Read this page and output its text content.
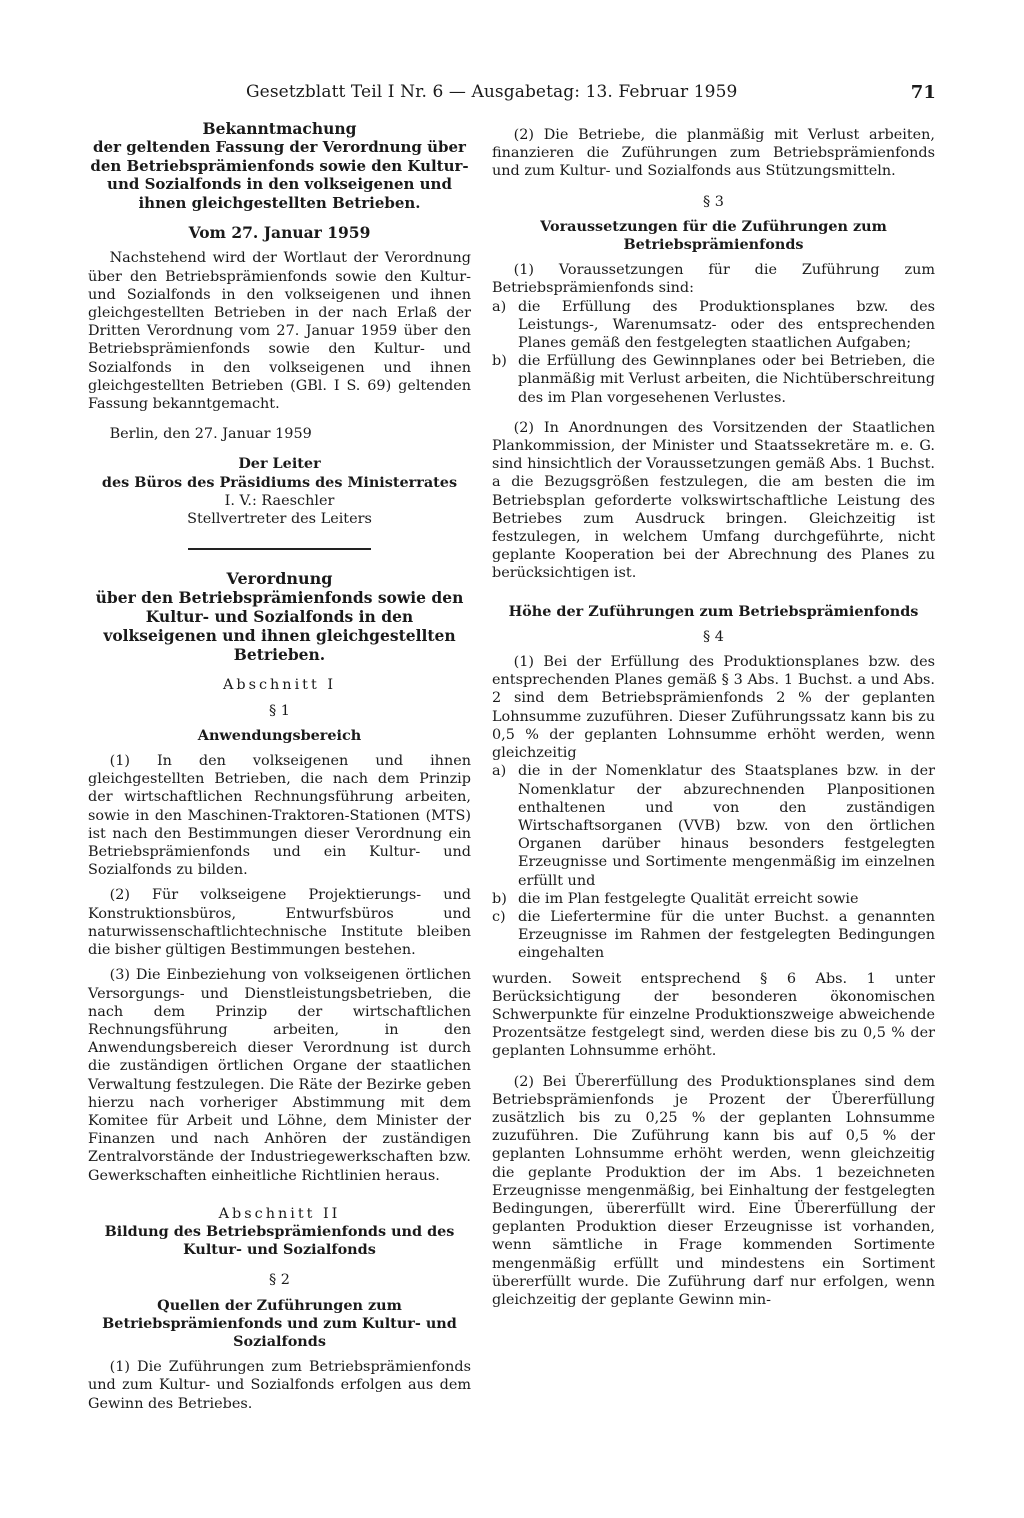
Gesetzblatt Teil I Nr. 6 — Ausgabetag: 13. Februar 1959	71
Bekanntmachung
der geltenden Fassung der Verordnung über den Betriebsprämienfonds sowie den Kultur- und Sozialfonds in den volkseigenen und ihnen gleichgestellten Betrieben.
Vom 27. Januar 1959

Nachstehend wird der Wortlaut der Verordnung über den Betriebsprämienfonds sowie den Kultur- und Sozialfonds in den volkseigenen und ihnen gleichgestellten Betrieben in der nach Erlaß der Dritten Verordnung vom 27. Januar 1959 über den Betriebsprämienfonds sowie den Kultur- und Sozialfonds in den volkseigenen und ihnen gleichgestellten Betrieben (GBl. I S. 69) geltenden Fassung bekanntgemacht.

Berlin, den 27. Januar 1959

Der Leiter
des Büros des Präsidiums des Ministerrates
I. V.: Raeschler
Stellvertreter des Leiters
Verordnung
über den Betriebsprämienfonds sowie den Kultur- und Sozialfonds in den volkseigenen und ihnen gleichgestellten Betrieben.
Abschnitt I
§ 1
Anwendungsbereich

(1) In den volkseigenen und ihnen gleichgestellten Betrieben, die nach dem Prinzip der wirtschaftlichen Rechnungsführung arbeiten, sowie in den Maschinen-Traktoren-Stationen (MTS) ist nach den Bestimmungen dieser Verordnung ein Betriebsprämienfonds und ein Kultur- und Sozialfonds zu bilden.

(2) Für volkseigene Projektierungs- und Konstruktionsbüros, Entwurfsbüros und naturwissenschaftlichtechnische Institute bleiben die bisher gültigen Bestimmungen bestehen.

(3) Die Einbeziehung von volkseigenen örtlichen Versorgungs- und Dienstleistungsbetrieben, die nach dem Prinzip der wirtschaftlichen Rechnungsführung arbeiten, in den Anwendungsbereich dieser Verordnung ist durch die zuständigen örtlichen Organe der staatlichen Verwaltung festzulegen. Die Räte der Bezirke geben hierzu nach vorheriger Abstimmung mit dem Komitee für Arbeit und Löhne, dem Minister der Finanzen und nach Anhören der zuständigen Zentralvorstände der Industriegewerkschaften bzw. Gewerkschaften einheitliche Richtlinien heraus.

Abschnitt II
Bildung des Betriebsprämienfonds und des Kultur- und Sozialfonds
§ 2
Quellen der Zuführungen zum Betriebsprämienfonds und zum Kultur- und Sozialfonds

(1) Die Zuführungen zum Betriebsprämienfonds und zum Kultur- und Sozialfonds erfolgen aus dem Gewinn des Betriebes.

(2) Die Betriebe, die planmäßig mit Verlust arbeiten, finanzieren die Zuführungen zum Betriebsprämienfonds und zum Kultur- und Sozialfonds aus Stützungsmitteln.

§ 3
Voraussetzungen für die Zuführungen zum Betriebsprämienfonds

(1) Voraussetzungen für die Zuführung zum Betriebsprämienfonds sind:

a) die Erfüllung des Produktionsplanes bzw. des Leistungs-, Warenumsatz- oder des entsprechenden Planes gemäß den festgelegten staatlichen Aufgaben;
b) die Erfüllung des Gewinnplanes oder bei Betrieben, die planmäßig mit Verlust arbeiten, die Nichtüberschreitung des im Plan vorgesehenen Verlustes.

(2) In Anordnungen des Vorsitzenden der Staatlichen Plankommission, der Minister und Staatssekretäre m. e. G. sind hinsichtlich der Voraussetzungen gemäß Abs. 1 Buchst. a die Bezugsgrößen festzulegen, die am besten die im Betriebsplan geforderte volkswirtschaftliche Leistung des Betriebes zum Ausdruck bringen. Gleichzeitig ist festzulegen, in welchem Umfang durchgeführte, nicht geplante Kooperation bei der Abrechnung des Planes zu berücksichtigen ist.

Höhe der Zuführungen zum Betriebsprämienfonds
§ 4

(1) Bei der Erfüllung des Produktionsplanes bzw. des entsprechenden Planes gemäß § 3 Abs. 1 Buchst. a und Abs. 2 sind dem Betriebsprämienfonds 2 % der geplanten Lohnsumme zuzuführen. Dieser Zuführungssatz kann bis zu 0,5 % der geplanten Lohnsumme erhöht werden, wenn gleichzeitig

a) die in der Nomenklatur des Staatsplanes bzw. in der Nomenklatur der abzurechnenden Planpositionen enthaltenen und von den zuständigen Wirtschaftsorganen (VVB) bzw. von den örtlichen Organen darüber hinaus besonders festgelegten Erzeugnisse und Sortimente mengenmäßig im einzelnen erfüllt und
b) die im Plan festgelegte Qualität erreicht sowie
c) die Liefertermine für die unter Buchst. a genannten Erzeugnisse im Rahmen der festgelegten Bedingungen eingehalten

wurden. Soweit entsprechend § 6 Abs. 1 unter Berücksichtigung der besonderen ökonomischen Schwerpunkte für einzelne Produktionszweige abweichende Prozentsätze festgelegt sind, werden diese bis zu 0,5 % der geplanten Lohnsumme erhöht.

(2) Bei Übererfüllung des Produktionsplanes sind dem Betriebsprämienfonds je Prozent der Übererfüllung zusätzlich bis zu 0,25 % der geplanten Lohnsumme zuzuführen. Die Zuführung kann bis auf 0,5 % der geplanten Lohnsumme erhöht werden, wenn gleichzeitig die geplante Produktion der im Abs. 1 bezeichneten Erzeugnisse mengenmäßig, bei Einhaltung der festgelegten Bedingungen, übererfüllt wird. Eine Übererfüllung der geplanten Produktion dieser Erzeugnisse ist vorhanden, wenn sämtliche in Frage kommenden Sortimente mengenmäßig erfüllt und mindestens ein Sortiment übererfüllt wurde. Die Zuführung darf nur erfolgen, wenn gleichzeitig der geplante Gewinn min-
